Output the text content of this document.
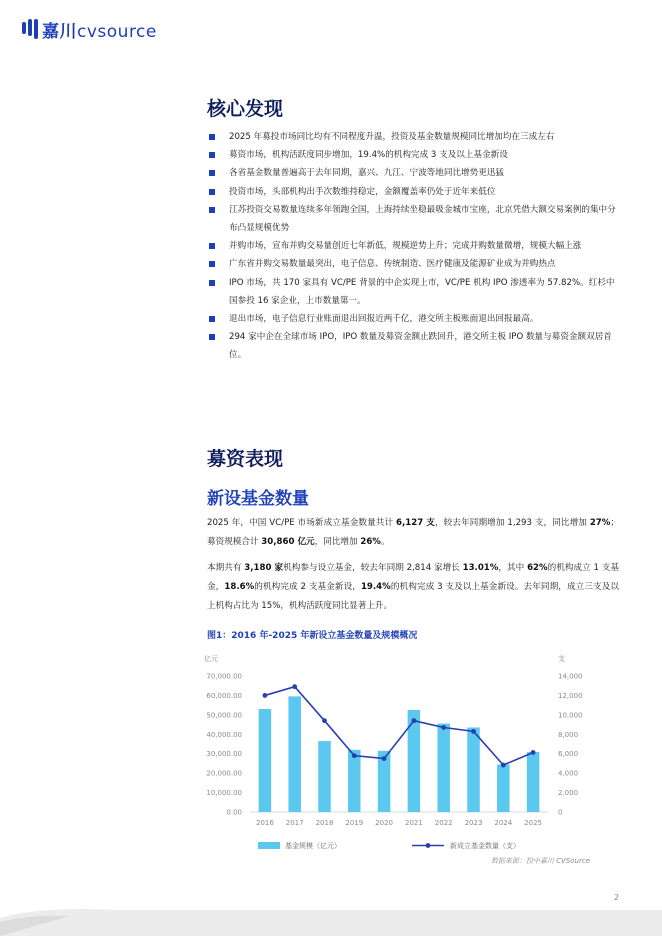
嘉川cvsource
核心发现
2025 年募投市场同比均有不同程度升温，投资及基金数量规模同比增加均在三成左右
募资市场，机构活跃度同步增加，19.4%的机构完成 3 支及以上基金新设
各省基金数量普遍高于去年同期，嘉兴、九江、宁波等地同比增势更迅猛
投资市场，头部机构出手次数维持稳定，金额覆盖率仍处于近年来低位
江苏投资交易数量连续多年领跑全国，上海持续坐稳最吸金城市宝座，北京凭借大额交易案例的集中分布凸显规模优势
并购市场，宣布并购交易量创近七年新低，规模逆势上升；完成并购数量微增，规模大幅上涨
广东省并购交易数量最突出，电子信息、传统制造、医疗健康及能源矿业成为并购热点
IPO 市场，共 170 家具有 VC/PE 背景的中企实现上市，VC/PE 机构 IPO 渗透率为 57.82%。红杉中国参投 16 家企业，上市数量第一。
退出市场，电子信息行业账面退出回报近两千亿，港交所主板账面退出回报最高。
294 家中企在全球市场 IPO，IPO 数量及募资金额止跌回升，港交所主板 IPO 数量与募资金额双居首位。
募资表现
新设基金数量

2025 年，中国 VC/PE 市场新成立基金数量共计 6,127 支，较去年同期增加 1,293 支，同比增加 27%；募资规模合计 30,860 亿元，同比增加 26%。

本期共有 3,180 家机构参与设立基金，较去年同期 2,814 家增长 13.01%，其中 62%的机构成立 1 支基金，18.6%的机构完成 2 支基金新设，19.4%的机构完成 3 支及以上基金新设。去年同期，成立三支及以上机构占比为 15%，机构活跃度同比显著上升。

图1：2016 年-2025 年新设立基金数量及规模概况
亿元	支
0.00
10,000.00
20,000.00
30,000.00
40,000.00
50,000.00
60,000.00
70,000.00
0
2,000
4,000
6,000
8,000
10,000
12,000
14,000
2016 2017 2018 2019 2020 2021 2022 2023 2024 2025
基金规模（亿元）	新成立基金数量（支）
数据来源：投中嘉川 CVSource
2
